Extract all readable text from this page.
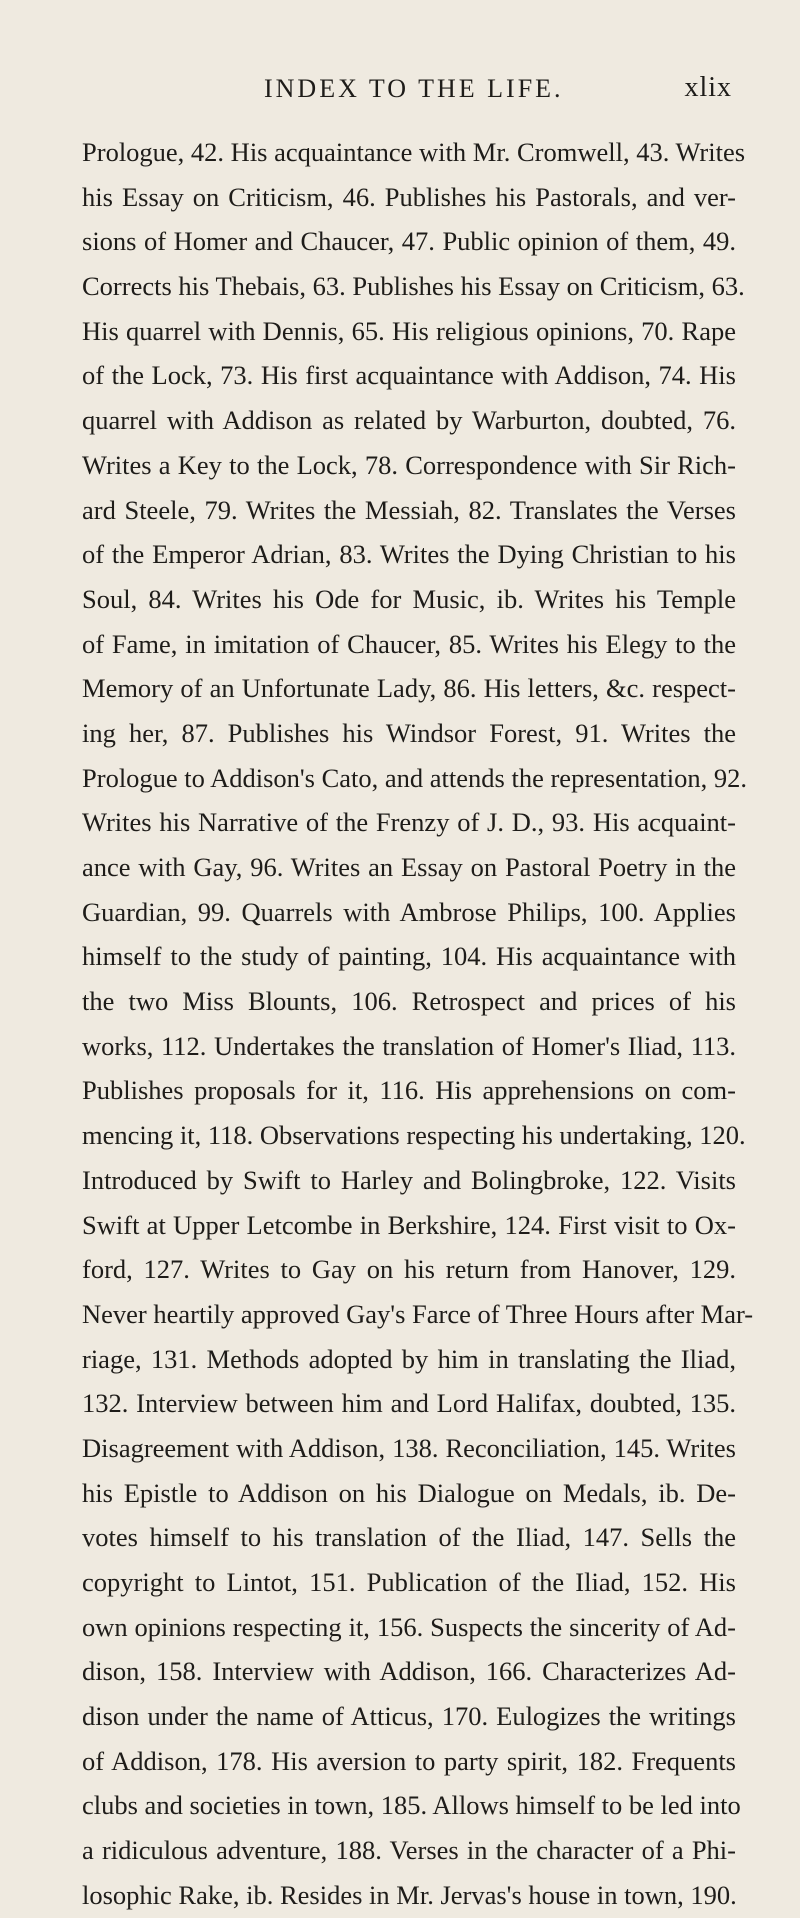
INDEX TO THE LIFE.	xlix
Prologue, 42. His acquaintance with Mr. Cromwell, 43. Writes
his Essay on Criticism, 46. Publishes his Pastorals, and ver-
sions of Homer and Chaucer, 47. Public opinion of them, 49.
Corrects his Thebais, 63. Publishes his Essay on Criticism, 63.
His quarrel with Dennis, 65. His religious opinions, 70. Rape
of the Lock, 73. His first acquaintance with Addison, 74. His
quarrel with Addison as related by Warburton, doubted, 76.
Writes a Key to the Lock, 78. Correspondence with Sir Rich-
ard Steele, 79. Writes the Messiah, 82. Translates the Verses
of the Emperor Adrian, 83. Writes the Dying Christian to his
Soul, 84. Writes his Ode for Music, ib. Writes his Temple
of Fame, in imitation of Chaucer, 85. Writes his Elegy to the
Memory of an Unfortunate Lady, 86. His letters, &c. respect-
ing her, 87. Publishes his Windsor Forest, 91. Writes the
Prologue to Addison's Cato, and attends the representation, 92.
Writes his Narrative of the Frenzy of J. D., 93. His acquaint-
ance with Gay, 96. Writes an Essay on Pastoral Poetry in the
Guardian, 99. Quarrels with Ambrose Philips, 100. Applies
himself to the study of painting, 104. His acquaintance with
the two Miss Blounts, 106. Retrospect and prices of his
works, 112. Undertakes the translation of Homer's Iliad, 113.
Publishes proposals for it, 116. His apprehensions on com-
mencing it, 118. Observations respecting his undertaking, 120.
Introduced by Swift to Harley and Bolingbroke, 122. Visits
Swift at Upper Letcombe in Berkshire, 124. First visit to Ox-
ford, 127. Writes to Gay on his return from Hanover, 129.
Never heartily approved Gay's Farce of Three Hours after Mar-
riage, 131. Methods adopted by him in translating the Iliad,
132. Interview between him and Lord Halifax, doubted, 135.
Disagreement with Addison, 138. Reconciliation, 145. Writes
his Epistle to Addison on his Dialogue on Medals, ib. De-
votes himself to his translation of the Iliad, 147. Sells the
copyright to Lintot, 151. Publication of the Iliad, 152. His
own opinions respecting it, 156. Suspects the sincerity of Ad-
dison, 158. Interview with Addison, 166. Characterizes Ad-
dison under the name of Atticus, 170. Eulogizes the writings
of Addison, 178. His aversion to party spirit, 182. Frequents
clubs and societies in town, 185. Allows himself to be led into
a ridiculous adventure, 188. Verses in the character of a Phi-
losophic Rake, ib. Resides in Mr. Jervas's house in town, 190.
